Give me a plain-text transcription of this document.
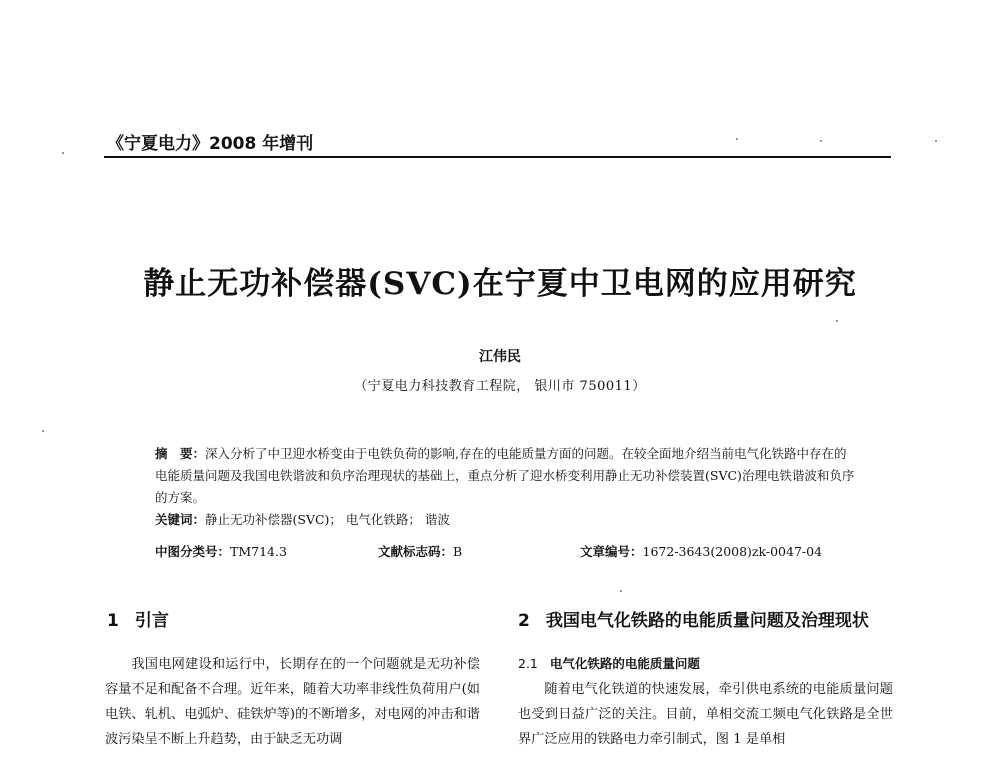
《宁夏电力》2008 年增刊
静止无功补偿器(SVC)在宁夏中卫电网的应用研究
江伟民
（宁夏电力科技教育工程院， 银川市 750011）
摘　要：深入分析了中卫迎水桥变由于电铁负荷的影响,存在的电能质量方面的问题。在较全面地介绍当前电气化铁路中存在的电能质量问题及我国电铁谐波和负序治理现状的基础上，重点分析了迎水桥变利用静止无功补偿装置(SVC)治理电铁谐波和负序的方案。
关键词：静止无功补偿器(SVC)； 电气化铁路； 谐波
中图分类号：TM714.3	文献标志码：B	文章编号：1672-3643(2008)zk-0047-04
1 引言

我国电网建设和运行中，长期存在的一个问题就是无功补偿容量不足和配备不合理。近年来，随着大功率非线性负荷用户(如电铁、轧机、电弧炉、硅铁炉等)的不断增多，对电网的冲击和谐波污染呈不断上升趋势，由于缺乏无功调

2 我国电气化铁路的电能质量问题及治理现状
2.1 电气化铁路的电能质量问题

随着电气化铁道的快速发展，牵引供电系统的电能质量问题也受到日益广泛的关注。目前，单相交流工频电气化铁路是全世界广泛应用的铁路电力牵引制式，图 1 是单相
